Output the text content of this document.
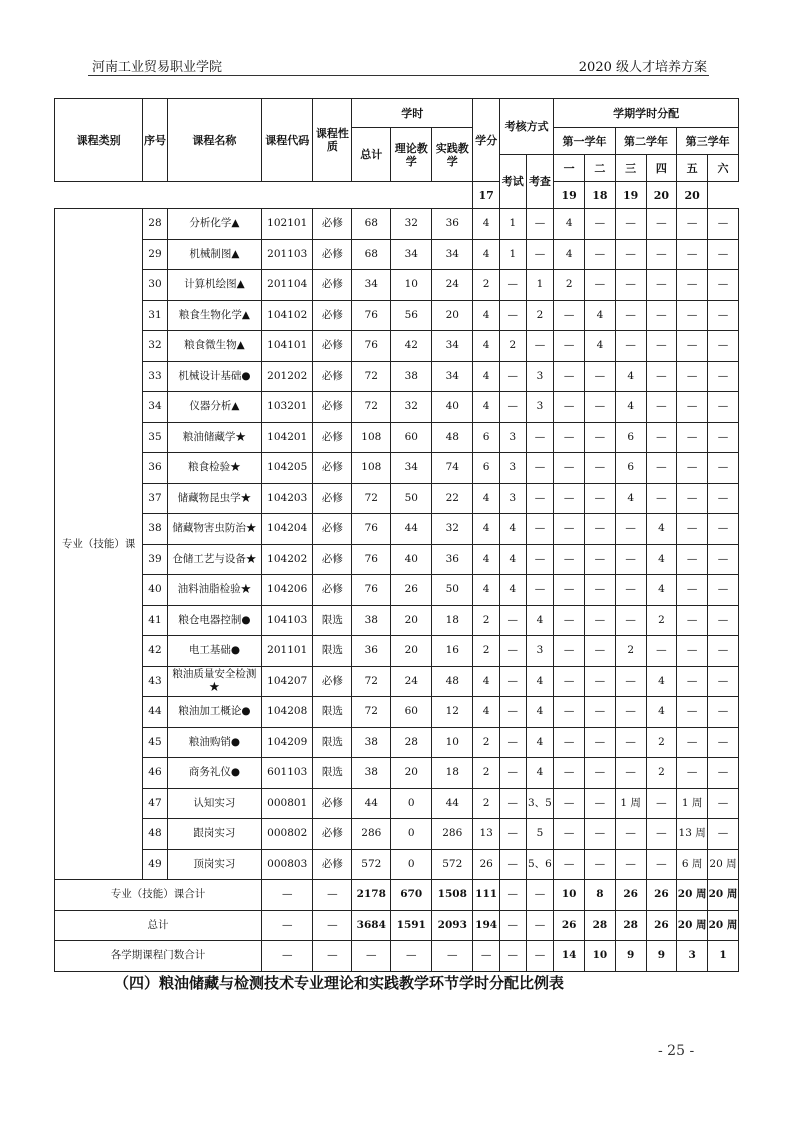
河南工业贸易职业学院	2020 级人才培养方案
课程类别	序号	课程名称	课程代码	课程性质	学时			学分	考核方式		学期学时分配					
					总计	理论教学	实践教学				第一学年		第二学年		第三学年	
									考试	考查	一	二	三	四	五	六
								17			19	18	19	20	20	
专业（技能）课	28	分析化学▲	102101	必修	68	32	36	4	1	—	4	—	—	—	—	—
	29	机械制图▲	201103	必修	68	34	34	4	1	—	4	—	—	—	—	—
	30	计算机绘图▲	201104	必修	34	10	24	2	—	1	2	—	—	—	—	—
	31	粮食生物化学▲	104102	必修	76	56	20	4	—	2	—	4	—	—	—	—
	32	粮食微生物▲	104101	必修	76	42	34	4	2	—	—	4	—	—	—	—
	33	机械设计基础●	201202	必修	72	38	34	4	—	3	—	—	4	—	—	—
	34	仪器分析▲	103201	必修	72	32	40	4	—	3	—	—	4	—	—	—
	35	粮油储藏学★	104201	必修	108	60	48	6	3	—	—	—	6	—	—	—
	36	粮食检验★	104205	必修	108	34	74	6	3	—	—	—	6	—	—	—
	37	储藏物昆虫学★	104203	必修	72	50	22	4	3	—	—	—	4	—	—	—
	38	储藏物害虫防治★	104204	必修	76	44	32	4	4	—	—	—	—	4	—	—
	39	仓储工艺与设备★	104202	必修	76	40	36	4	4	—	—	—	—	4	—	—
	40	油料油脂检验★	104206	必修	76	26	50	4	4	—	—	—	—	4	—	—
	41	粮仓电器控制●	104103	限选	38	20	18	2	—	4	—	—	—	2	—	—
	42	电工基础●	201101	限选	36	20	16	2	—	3	—	—	2	—	—	—
	43	粮油质量安全检测★	104207	必修	72	24	48	4	—	4	—	—	—	4	—	—
	44	粮油加工概论●	104208	限选	72	60	12	4	—	4	—	—	—	4	—	—
	45	粮油购销●	104209	限选	38	28	10	2	—	4	—	—	—	2	—	—
	46	商务礼仪●	601103	限选	38	20	18	2	—	4	—	—	—	2	—	—
	47	认知实习	000801	必修	44	0	44	2	—	3、5	—	—	1 周	—	1 周	—
	48	跟岗实习	000802	必修	286	0	286	13	—	5	—	—	—	—	13 周	—
	49	顶岗实习	000803	必修	572	0	572	26	—	5、6	—	—	—	—	6 周	20 周
专业（技能）课合计			—	—	2178	670	1508	111	—	—	10	8	26	26	20 周	20 周
总计			—	—	3684	1591	2093	194	—	—	26	28	28	26	20 周	20 周
各学期课程门数合计			—	—	—	—	—	—	—	—	14	10	9	9	3	1
（四）粮油储藏与检测技术专业理论和实践教学环节学时分配比例表
- 25 -
